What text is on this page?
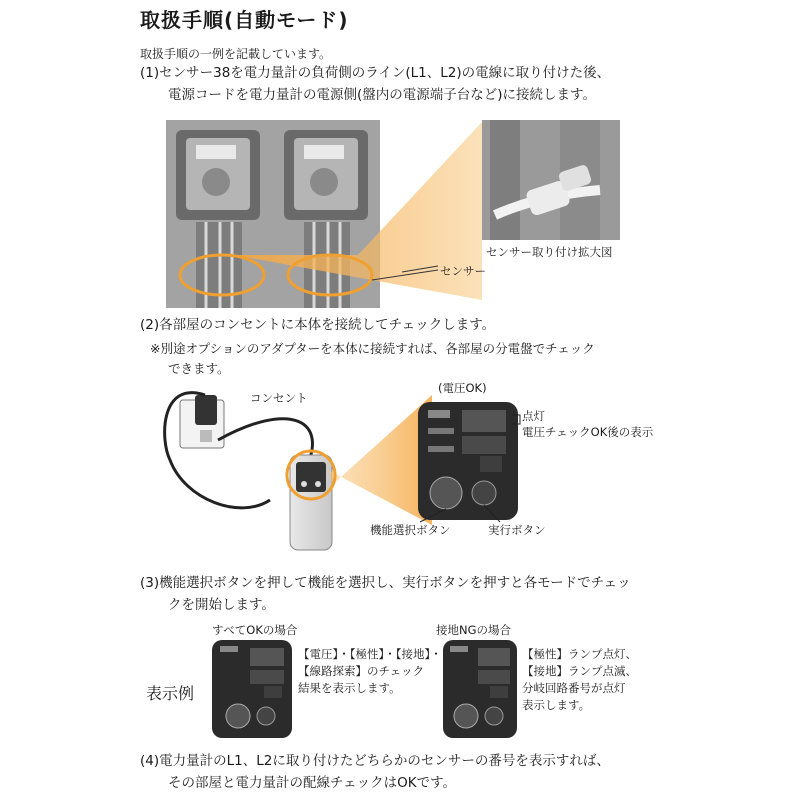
取扱手順(自動モード)
取扱手順の一例を記載しています。
(1)センサー38を電力量計の負荷側のライン(L1、L2)の電線に取り付けた後、
電源コードを電力量計の電源側(盤内の電源端子台など)に接続します。
センサー取り付け拡大図
センサー
(2)各部屋のコンセントに本体を接続してチェックします。
※別途オプションのアダプターを本体に接続すれば、各部屋の分電盤でチェック
できます。
コンセント
(電圧OK)
点灯
電圧チェックOK後の表示
機能選択ボタン	実行ボタン
(3)機能選択ボタンを押して機能を選択し、実行ボタンを押すと各モードでチェッ
クを開始します。
すべてOKの場合	接地NGの場合
表示例
【電圧】・【極性】・【接地】・
【線路探索】のチェック
結果を表示します。
【極性】ランプ点灯、
【接地】ランプ点滅、
分岐回路番号が点灯
表示します。
(4)電力量計のL1、L2に取り付けたどちらかのセンサーの番号を表示すれば、
その部屋と電力量計の配線チェックはOKです。
